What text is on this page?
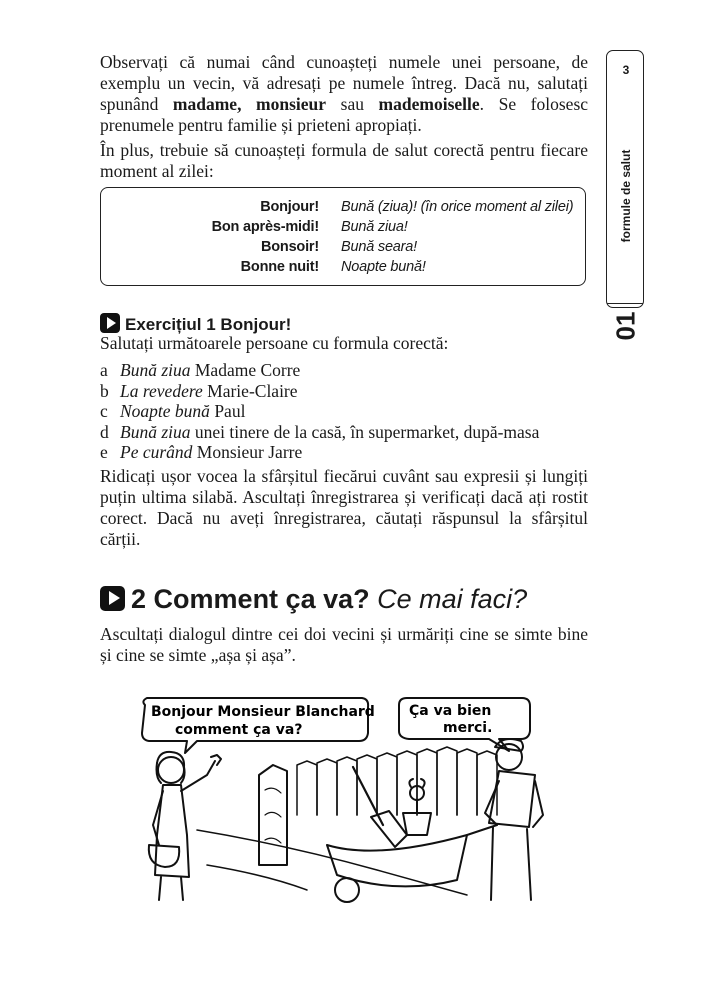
3
formule de salut
01
Observați că numai când cunoașteți numele unei persoane, de exemplu un vecin, vă adresați pe numele întreg. Dacă nu, salutați spunând madame, monsieur sau mademoiselle. Se folosesc prenumele pentru familie și prieteni apropiați.
În plus, trebuie să cunoașteți formula de salut corectă pentru fiecare moment al zilei:
Bonjour! Bună (ziua)! (în orice moment al zilei)
Bon après-midi! Bună ziua!
Bonsoir! Bună seara!
Bonne nuit! Noapte bună!
Exercițiul 1 Bonjour!
Salutați următoarele persoane cu formula corectă:
a Bună ziua Madame Corre
b La revedere Marie-Claire
c Noapte bună Paul
d Bună ziua unei tinere de la casă, în supermarket, după-masa
e Pe curând Monsieur Jarre
Ridicați ușor vocea la sfârșitul fiecărui cuvânt sau expresii și lungiți puțin ultima silabă. Ascultați înregistrarea și verificați dacă ați rostit corect. Dacă nu aveți înregistrarea, căutați răspunsul la sfârșitul cărții.
2 Comment ça va? Ce mai faci?
Ascultați dialogul dintre cei doi vecini și urmăriți cine se simte bine și cine se simte „așa și așa”.
Bonjour Monsieur Blanchard
comment ça va?
Ça va bien
merci.
